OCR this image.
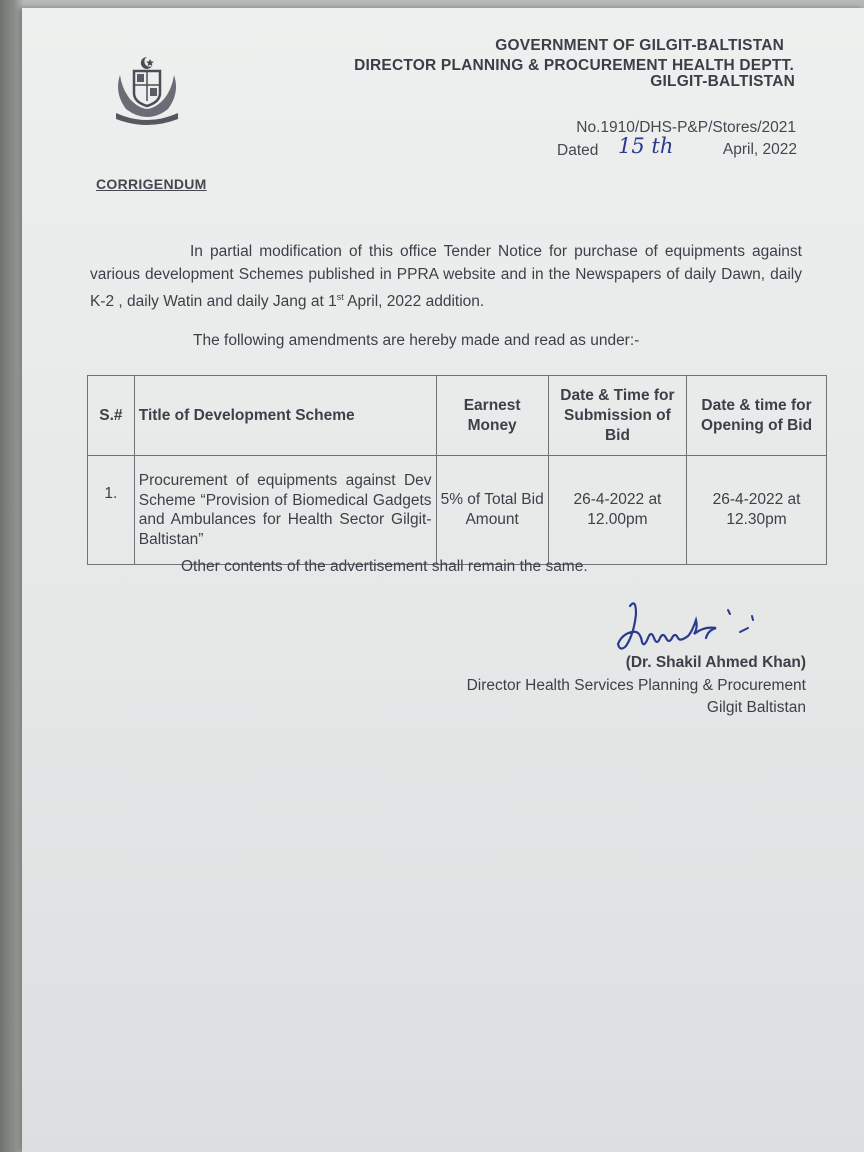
GOVERNMENT OF GILGIT-BALTISTAN
DIRECTOR PLANNING & PROCUREMENT HEALTH DEPTT.
GILGIT-BALTISTAN
No.1910/DHS-P&P/Stores/2021
Dated 15 th	April, 2022
CORRIGENDUM
In partial modification of this office Tender Notice for purchase of equipments against various development Schemes published in PPRA website and in the Newspapers of daily Dawn, daily K-2 , daily Watin and daily Jang at 1st April, 2022 addition.
The following amendments are hereby made and read as under:-
S.#	Title of Development Scheme	Earnest Money	Date & Time for Submission of Bid	Date & time for Opening of Bid
1.	Procurement of equipments against Dev Scheme “Provision of Biomedical Gadgets and Ambulances for Health Sector Gilgit-Baltistan”	5% of Total Bid Amount	26-4-2022 at 12.00pm	26-4-2022 at 12.30pm
Other contents of the advertisement shall remain the same.
(Dr. Shakil Ahmed Khan)
Director Health Services Planning & Procurement
Gilgit Baltistan
